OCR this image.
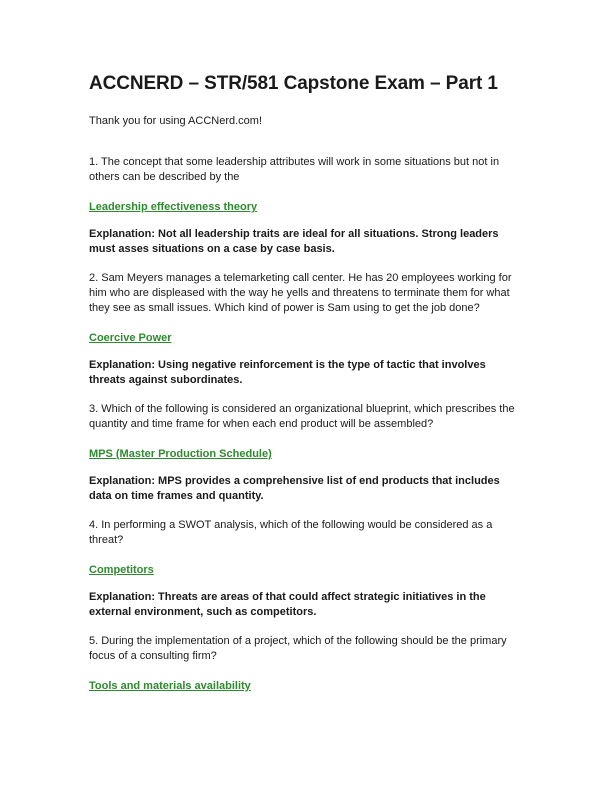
ACCNERD – STR/581 Capstone Exam – Part 1

Thank you for using ACCNerd.com!

1. The concept that some leadership attributes will work in some situations but not in others can be described by the

Leadership effectiveness theory

Explanation: Not all leadership traits are ideal for all situations. Strong leaders must asses situations on a case by case basis.

2. Sam Meyers manages a telemarketing call center. He has 20 employees working for him who are displeased with the way he yells and threatens to terminate them for what they see as small issues. Which kind of power is Sam using to get the job done?

Coercive Power

Explanation: Using negative reinforcement is the type of tactic that involves threats against subordinates.

3. Which of the following is considered an organizational blueprint, which prescribes the quantity and time frame for when each end product will be assembled?

MPS (Master Production Schedule)

Explanation: MPS provides a comprehensive list of end products that includes data on time frames and quantity.

4. In performing a SWOT analysis, which of the following would be considered as a threat?

Competitors

Explanation: Threats are areas of that could affect strategic initiatives in the external environment, such as competitors.

5. During the implementation of a project, which of the following should be the primary focus of a consulting firm?

Tools and materials availability
